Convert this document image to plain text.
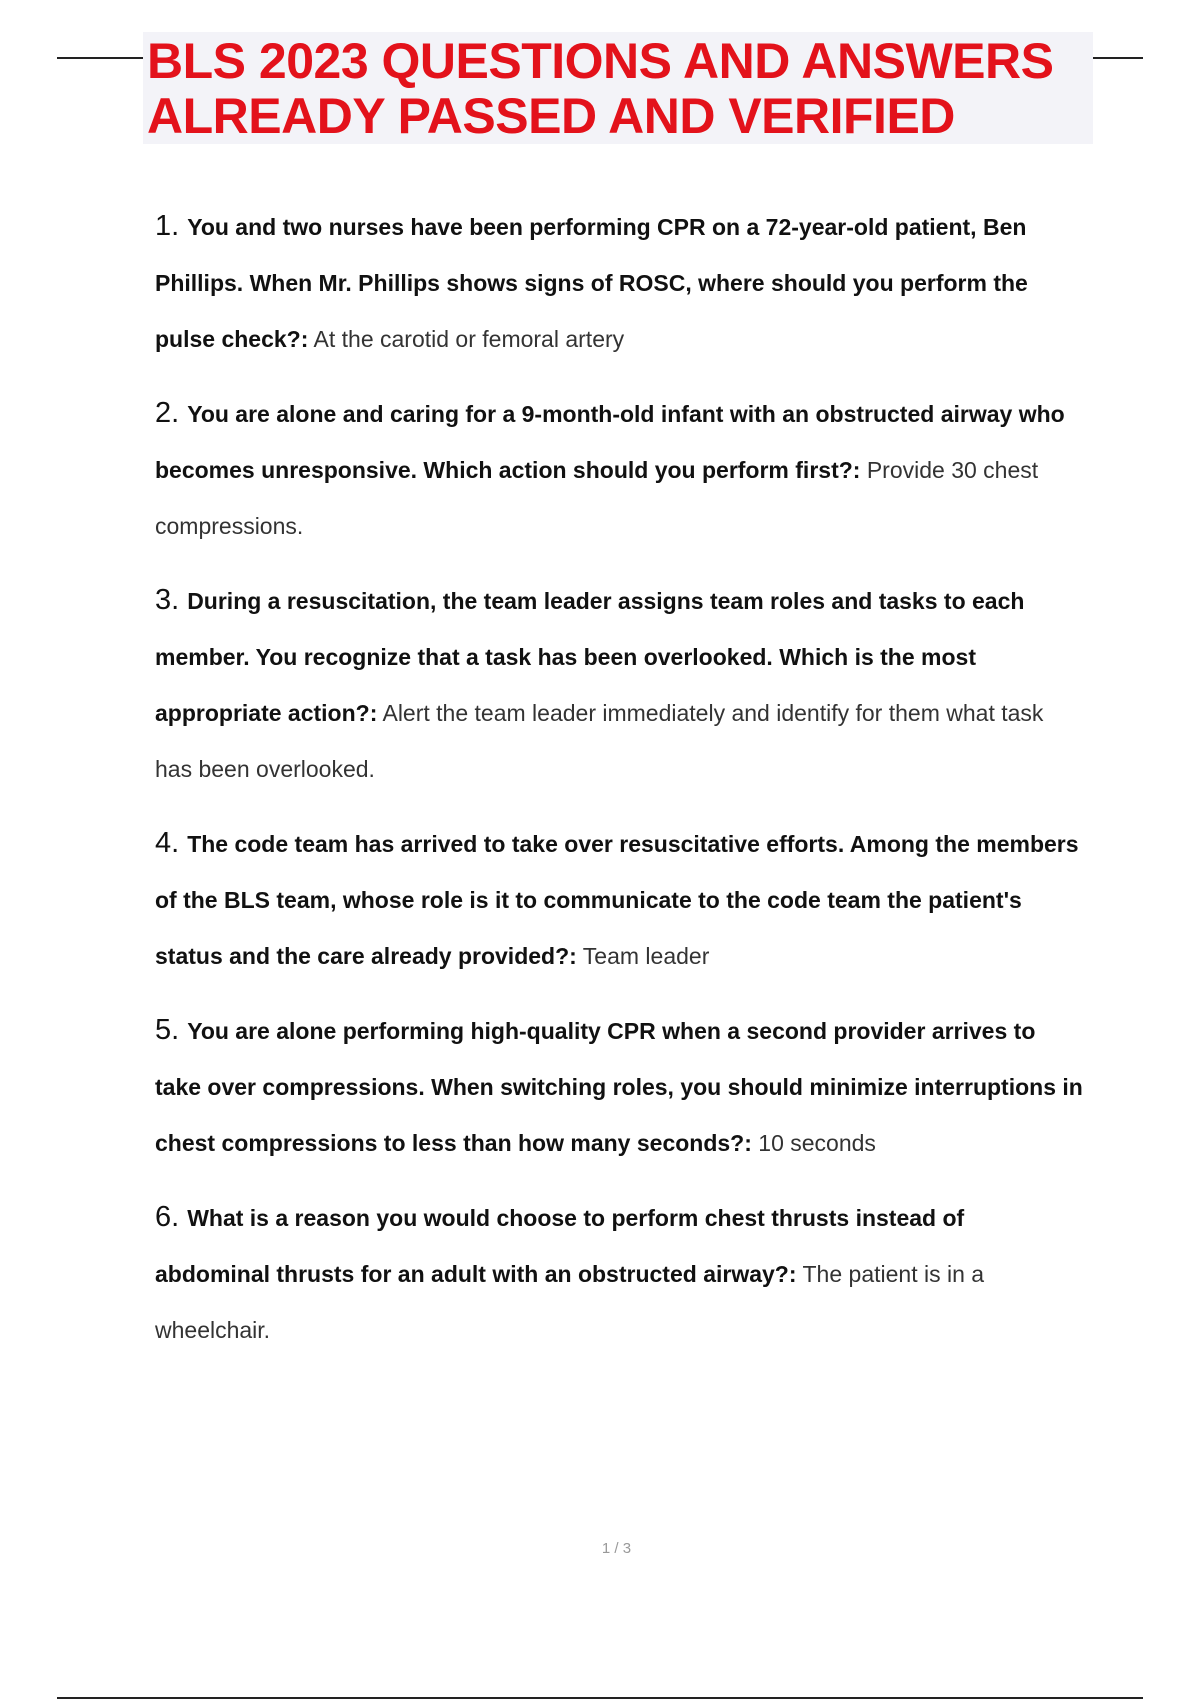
BLS 2023 QUESTIONS AND ANSWERS
ALREADY PASSED AND VERIFIED
1. You and two nurses have been performing CPR on a 72-year-old patient, Ben Phillips. When Mr. Phillips shows signs of ROSC, where should you perform the pulse check?: At the carotid or femoral artery
2. You are alone and caring for a 9-month-old infant with an obstructed airway who becomes unresponsive. Which action should you perform first?: Provide 30 chest compressions.
3. During a resuscitation, the team leader assigns team roles and tasks to each member. You recognize that a task has been overlooked. Which is the most appropriate action?: Alert the team leader immediately and identify for them what task has been overlooked.
4. The code team has arrived to take over resuscitative efforts. Among the members of the BLS team, whose role is it to communicate to the code team the patient's status and the care already provided?: Team leader
5. You are alone performing high-quality CPR when a second provider arrives to take over compressions. When switching roles, you should minimize interruptions in chest compressions to less than how many seconds?: 10 seconds
6. What is a reason you would choose to perform chest thrusts instead of abdominal thrusts for an adult with an obstructed airway?: The patient is in a wheelchair.
1 / 3
